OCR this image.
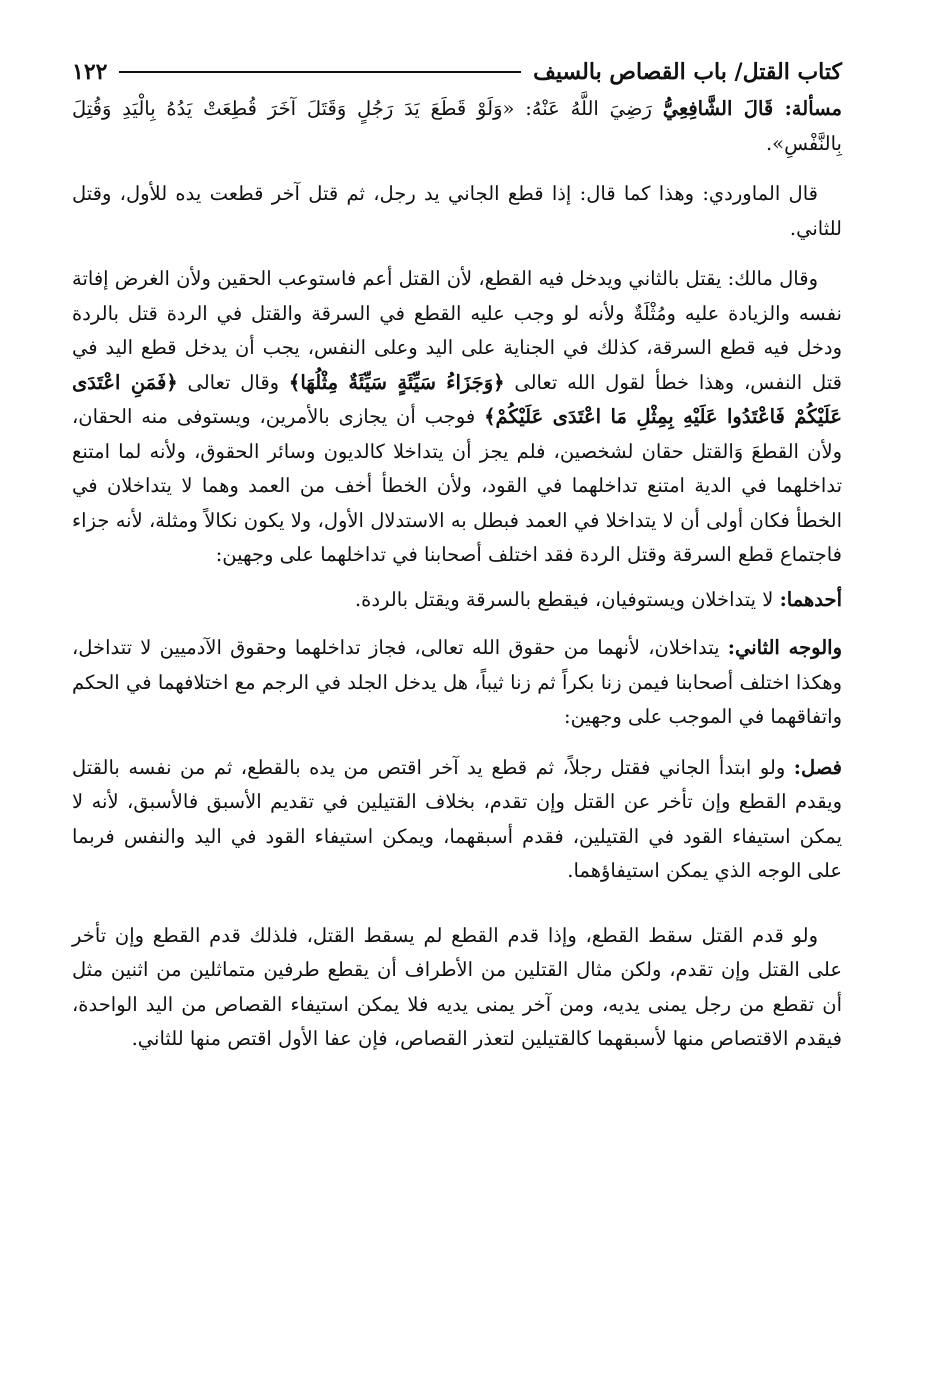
كتاب القتل/ باب القصاص بالسيف
١٢٢

مسألة: قَالَ الشَّافِعِيُّ رَضِيَ اللَّهُ عَنْهُ: «وَلَوْ قَطَعَ يَدَ رَجُلٍ وَقَتَلَ آخَرَ قُطِعَتْ يَدُهُ بِالْيَدِ وَقُتِلَ بِالنَّفْسِ».

قال الماوردي: وهذا كما قال: إذا قطع الجاني يد رجل، ثم قتل آخر قطعت يده للأول، وقتل للثاني.

وقال مالك: يقتل بالثاني ويدخل فيه القطع، لأن القتل أعم فاستوعب الحقين ولأن الغرض إفاتة نفسه والزيادة عليه ومُثْلَةٌ ولأنه لو وجب عليه القطع في السرقة والقتل في الردة قتل بالردة ودخل فيه قطع السرقة، كذلك في الجناية على اليد وعلى النفس، يجب أن يدخل قطع اليد في قتل النفس، وهذا خطأ لقول الله تعالى ﴿وَجَزَاءُ سَيِّئَةٍ سَيِّئَةٌ مِثْلُهَا﴾ وقال تعالى ﴿فَمَنِ اعْتَدَى عَلَيْكُمْ فَاعْتَدُوا عَلَيْهِ بِمِثْلِ مَا اعْتَدَى عَلَيْكُمْ﴾ فوجب أن يجازى بالأمرين، ويستوفى منه الحقان، ولأن القطعَ وَالقتل حقان لشخصين، فلم يجز أن يتداخلا كالديون وسائر الحقوق، ولأنه لما امتنع تداخلهما في الدية امتنع تداخلهما في القود، ولأن الخطأ أخف من العمد وهما لا يتداخلان في الخطأ فكان أولى أن لا يتداخلا في العمد فبطل به الاستدلال الأول، ولا يكون نكالاً ومثلة، لأنه جزاء فاجتماع قطع السرقة وقتل الردة فقد اختلف أصحابنا في تداخلهما على وجهين:

أحدهما: لا يتداخلان ويستوفيان، فيقطع بالسرقة ويقتل بالردة.

والوجه الثاني: يتداخلان، لأنهما من حقوق الله تعالى، فجاز تداخلهما وحقوق الآدميين لا تتداخل، وهكذا اختلف أصحابنا فيمن زنا بكراً ثم زنا ثيباً، هل يدخل الجلد في الرجم مع اختلافهما في الحكم واتفاقهما في الموجب على وجهين:

فصل: ولو ابتدأ الجاني فقتل رجلاً، ثم قطع يد آخر اقتص من يده بالقطع، ثم من نفسه بالقتل ويقدم القطع وإن تأخر عن القتل وإن تقدم، بخلاف القتيلين في تقديم الأسبق فالأسبق، لأنه لا يمكن استيفاء القود في القتيلين، فقدم أسبقهما، ويمكن استيفاء القود في اليد والنفس فربما على الوجه الذي يمكن استيفاؤهما.

ولو قدم القتل سقط القطع، وإذا قدم القطع لم يسقط القتل، فلذلك قدم القطع وإن تأخر على القتل وإن تقدم، ولكن مثال القتلين من الأطراف أن يقطع طرفين متماثلين من اثنين مثل أن تقطع من رجل يمنى يديه، ومن آخر يمنى يديه فلا يمكن استيفاء القصاص من اليد الواحدة، فيقدم الاقتصاص منها لأسبقهما كالقتيلين لتعذر القصاص، فإن عفا الأول اقتص منها للثاني.
